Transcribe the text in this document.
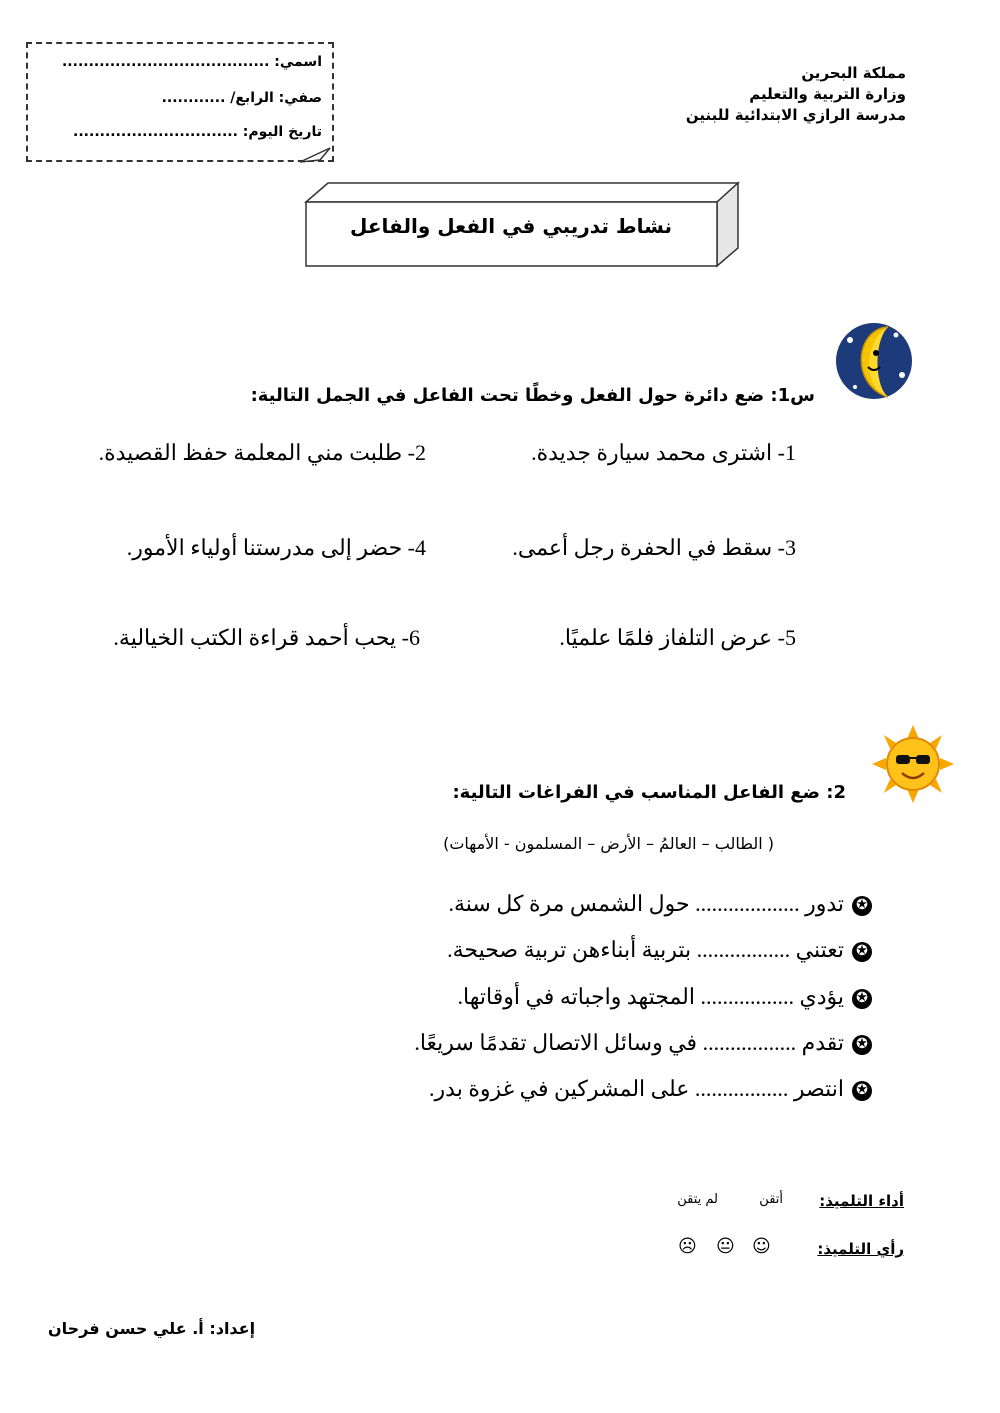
اسمي: .......................................
صفي: الرابع/ ............
تاريخ اليوم: ...............................
مملكة البحرين
وزارة التربية والتعليم
مدرسة الرازي الابتدائية للبنين
نشاط تدريبي في الفعل والفاعل
س1: ضع دائرة حول الفعل وخطًا تحت الفاعل في الجمل التالية:
1- اشترى محمد سيارة جديدة.
2- طلبت مني المعلمة حفظ القصيدة.
3- سقط في الحفرة رجل أعمى.
4- حضر إلى مدرستنا أولياء الأمور.
5- عرض التلفاز فلمًا علميًا.
6- يحب أحمد قراءة الكتب الخيالية.
2: ضع الفاعل المناسب في الفراغات التالية:
( الطالب – العالمُ – الأرض – المسلمون - الأمهات)
✪تدور ................... حول الشمس مرة كل سنة.
✪تعتني ................. بتربية أبناءهن تربية صحيحة.
✪يؤدي ................. المجتهد واجباته في أوقاتها.
✪تقدم ................. في وسائل الاتصال تقدمًا سريعًا.
✪انتصر ................. على المشركين في غزوة بدر.
أداء التلميذ:
أتقن
لم يتقن
رأي التلميذ:
☺
😐
☹
إعداد: أ. علي حسن فرحان
